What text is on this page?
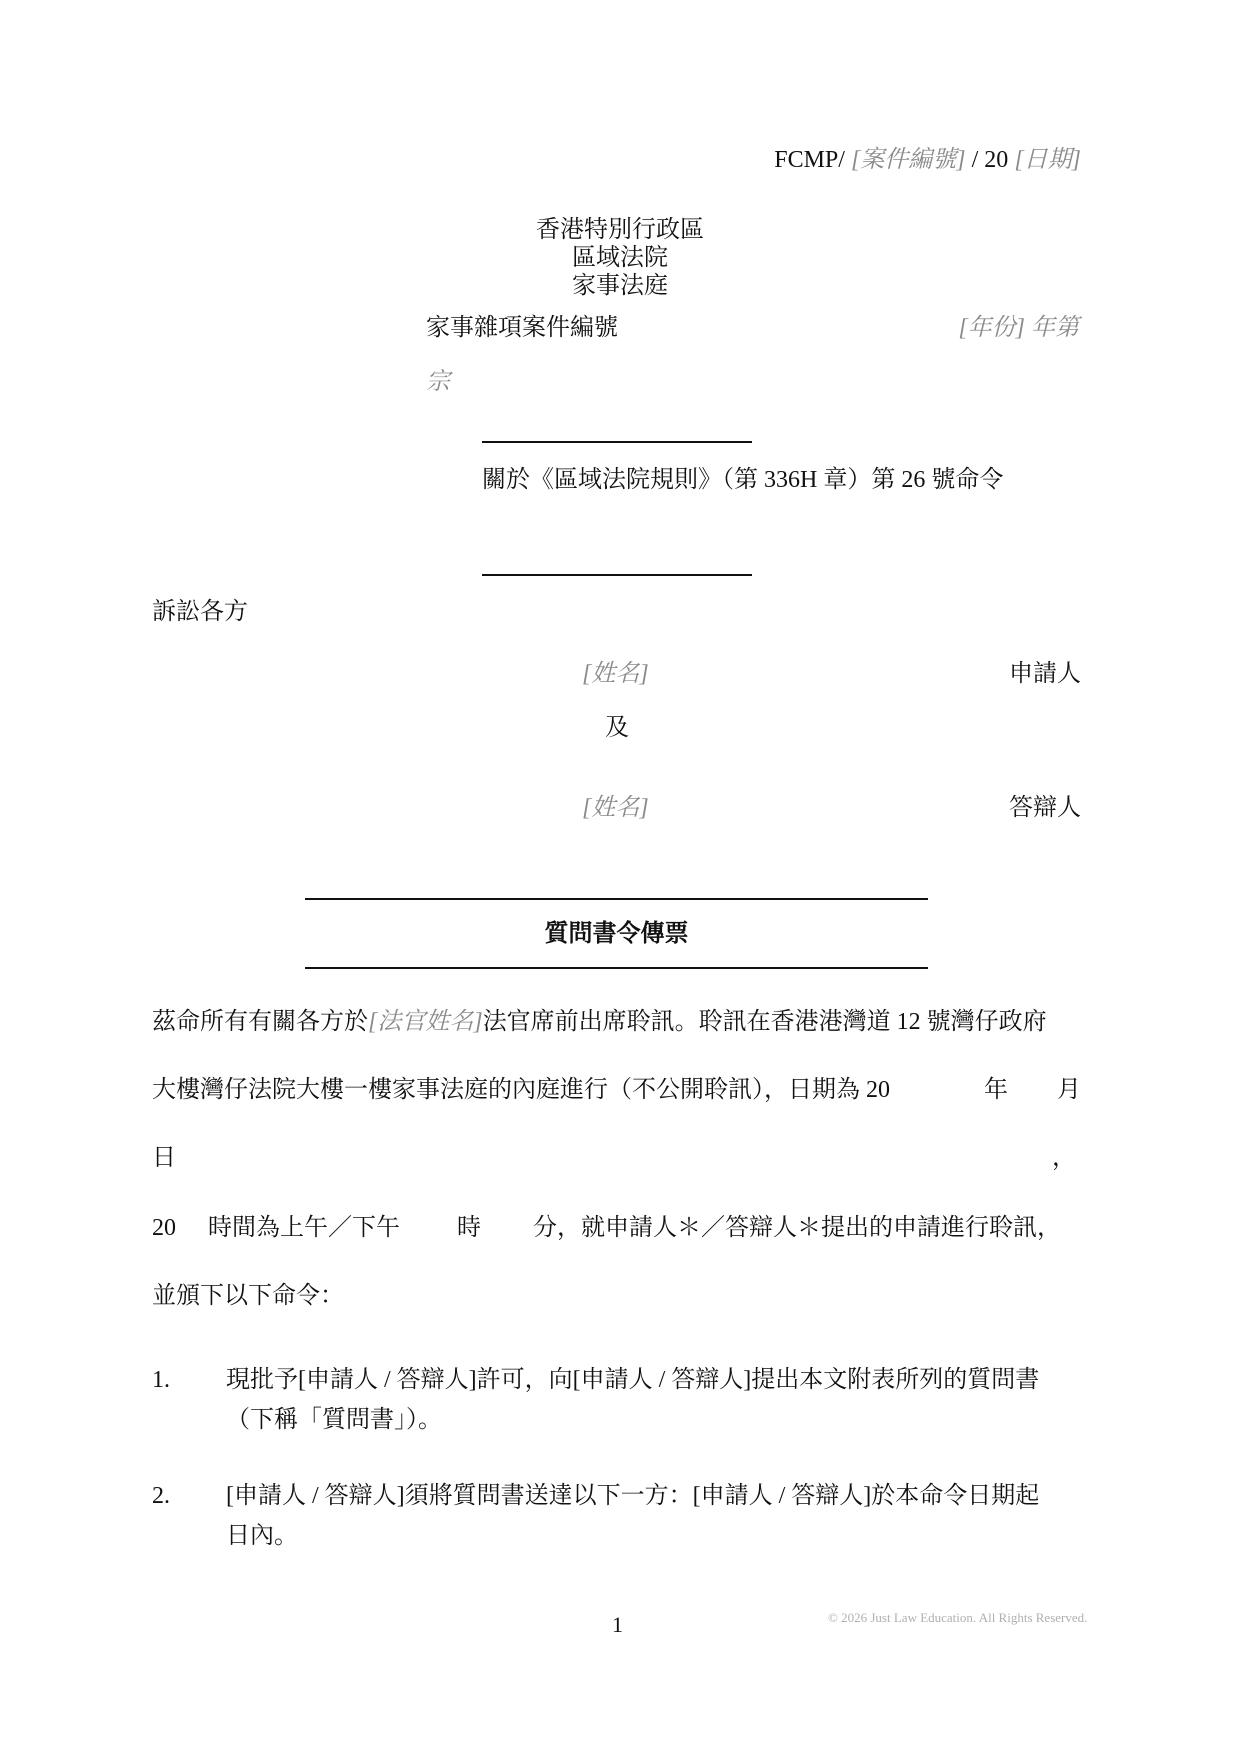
FCMP/ [案件編號] / 20 [日期]
香港特別行政區
區域法院
家事法庭
家事雜項案件編號	[年份] 年第
宗
關於《區域法院規則》（第 336H 章）第 26 號命令
訴訟各方
[姓名]	申請人
及
[姓名]	答辯人
質問書令傳票
茲命所有有關各方於[法官姓名]法官席前出席聆訊。聆訊在香港港灣道 12 號灣仔政府
大樓灣仔法院大樓一樓家事法庭的內庭進行（不公開聆訊），日期為 20	年 月
日	，
20 時間為上午／下午 時 分，就申請人＊／答辯人＊提出的申請進行聆訊，
並頒下以下命令：
1. 現批予[申請人 / 答辯人]許可，向[申請人 / 答辯人]提出本文附表所列的質問書
（下稱「質問書」）。
2. [申請人 / 答辯人]須將質問書送達以下一方：[申請人 / 答辯人]於本命令日期起
日內。
1	© 2026 Just Law Education. All Rights Reserved.
